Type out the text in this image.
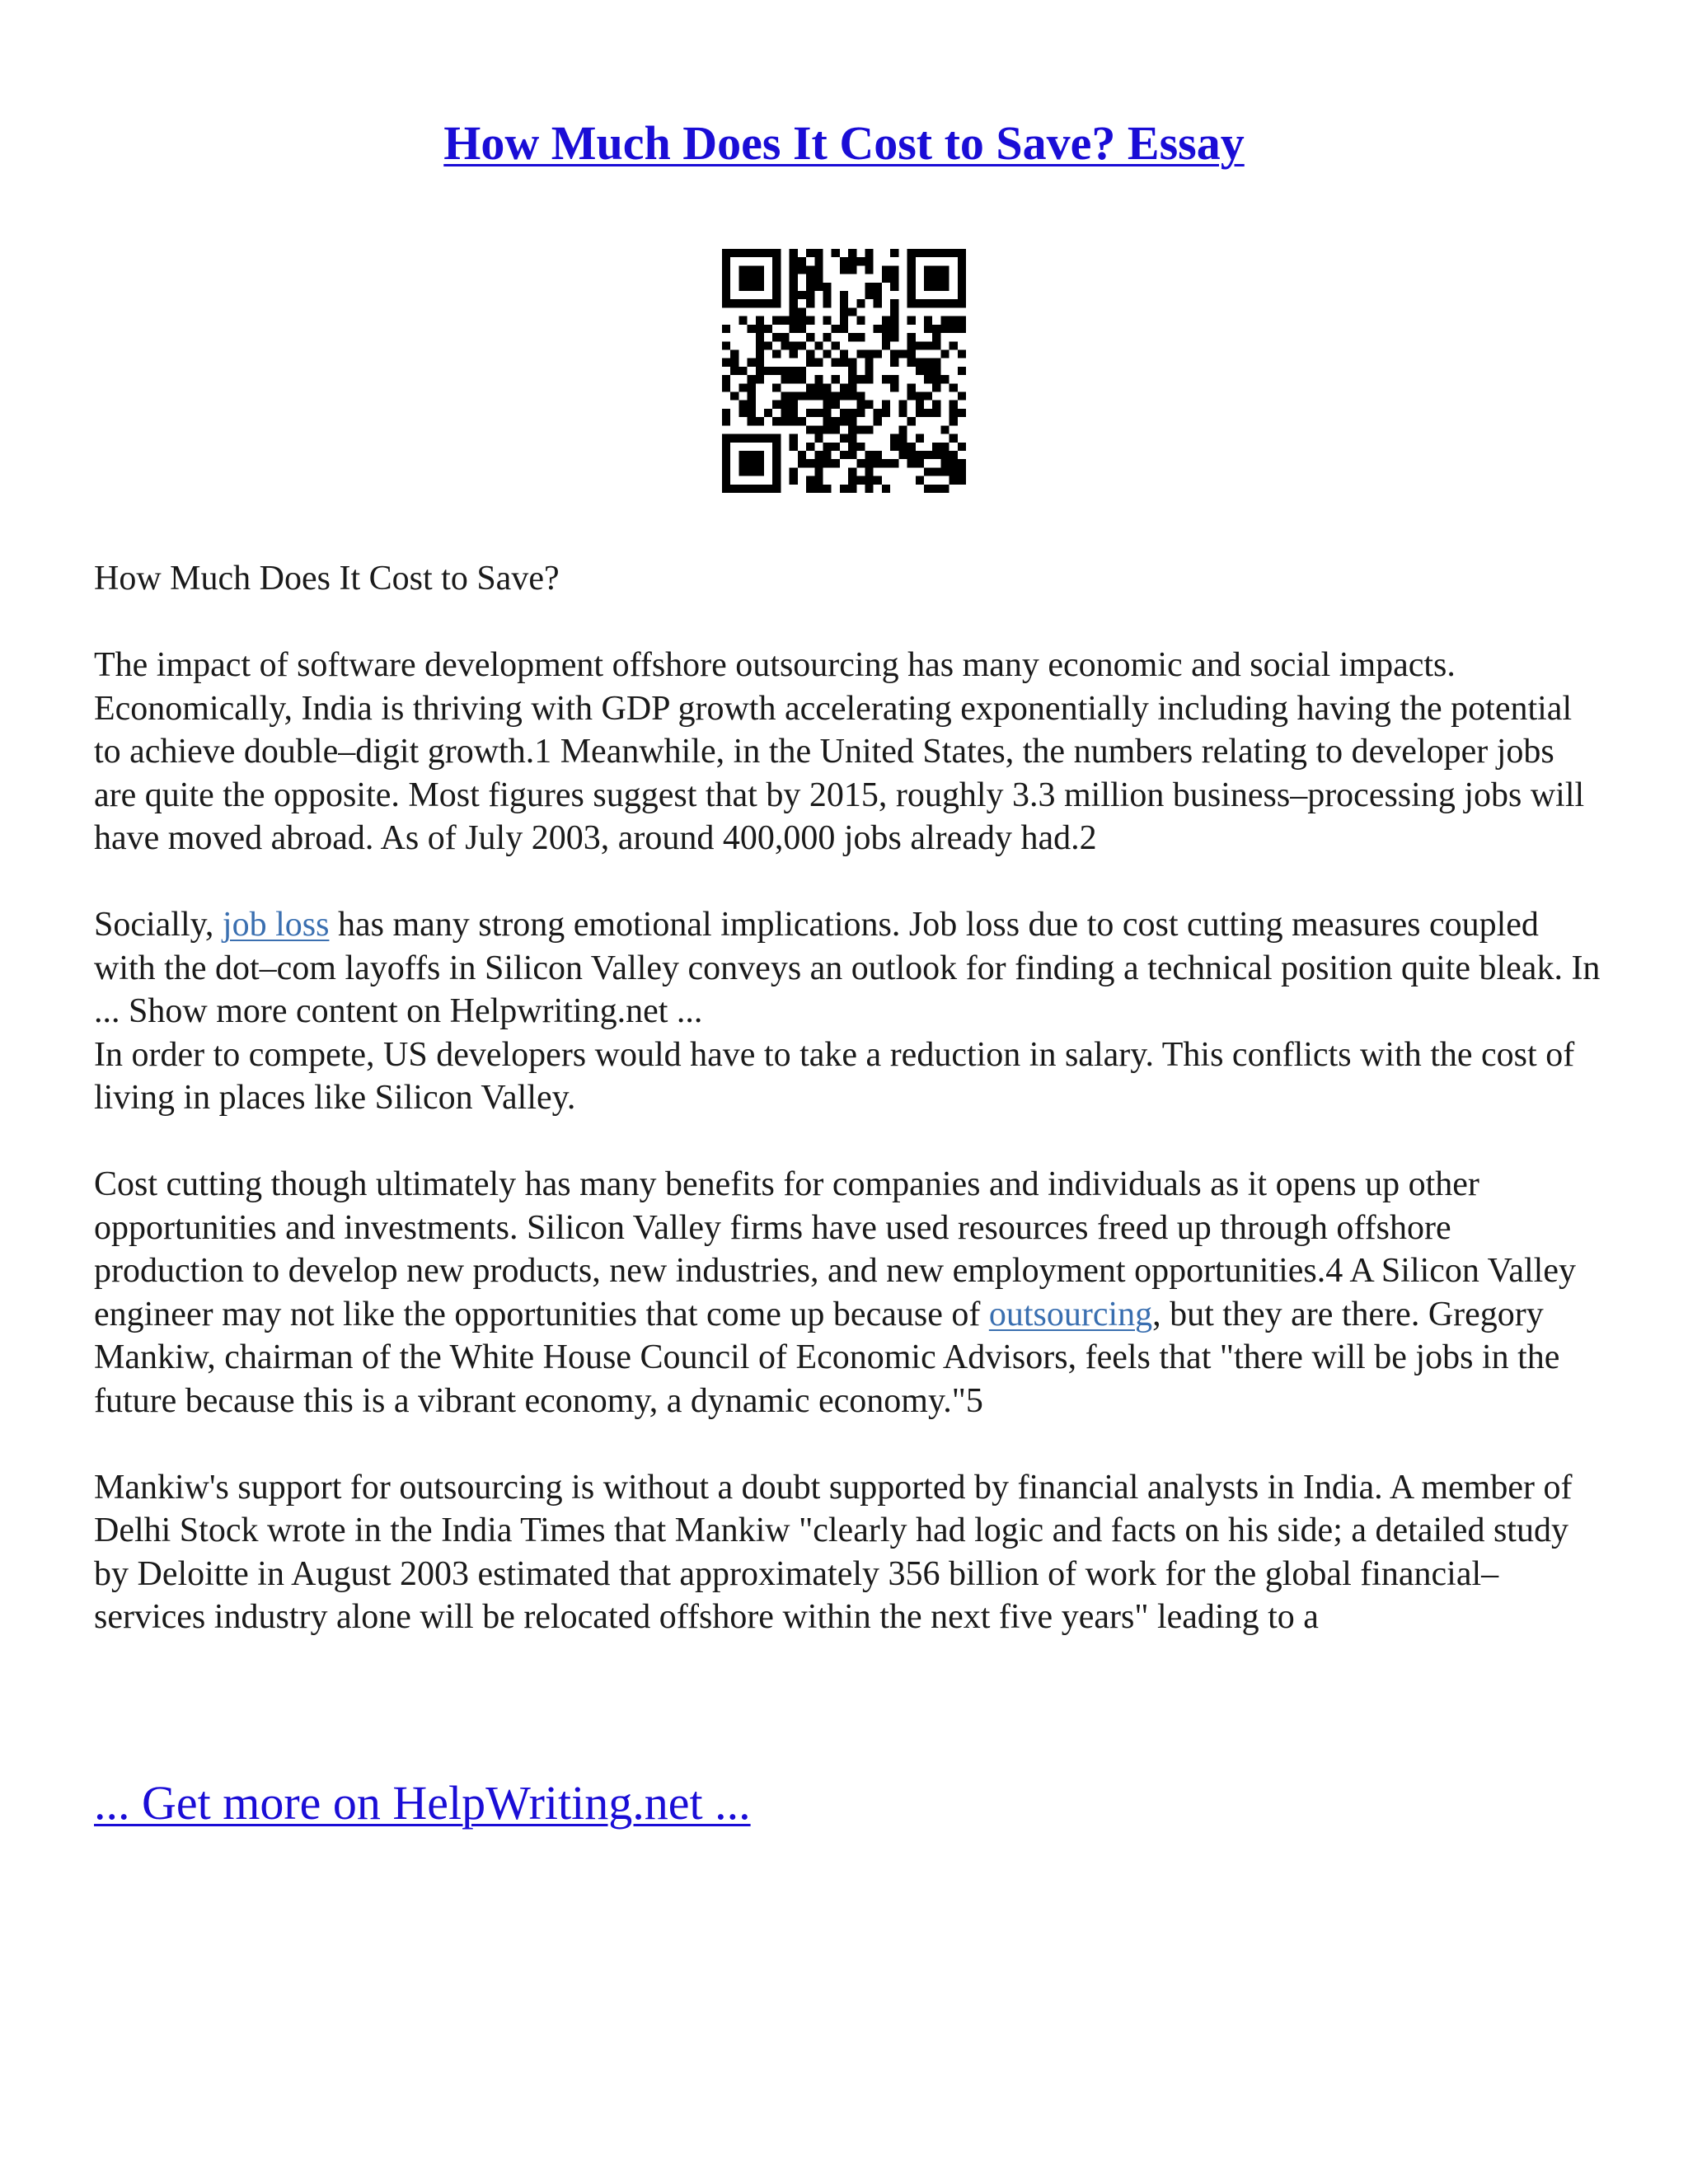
How Much Does It Cost to Save? Essay

How Much Does It Cost to Save?

The impact of software development offshore outsourcing has many economic and social impacts. Economically, India is thriving with GDP growth accelerating exponentially including having the potential to achieve double–digit growth.1 Meanwhile, in the United States, the numbers relating to developer jobs are quite the opposite. Most figures suggest that by 2015, roughly 3.3 million business–processing jobs will have moved abroad. As of July 2003, around 400,000 jobs already had.2

Socially, job loss has many strong emotional implications. Job loss due to cost cutting measures coupled with the dot–com layoffs in Silicon Valley conveys an outlook for finding a technical position quite bleak. In ... Show more content on Helpwriting.net ...

In order to compete, US developers would have to take a reduction in salary. This conflicts with the cost of living in places like Silicon Valley.

Cost cutting though ultimately has many benefits for companies and individuals as it opens up other opportunities and investments. Silicon Valley firms have used resources freed up through offshore production to develop new products, new industries, and new employment opportunities.4 A Silicon Valley engineer may not like the opportunities that come up because of outsourcing, but they are there. Gregory Mankiw, chairman of the White House Council of Economic Advisors, feels that "there will be jobs in the future because this is a vibrant economy, a dynamic economy."5

Mankiw's support for outsourcing is without a doubt supported by financial analysts in India. A member of Delhi Stock wrote in the India Times that Mankiw "clearly had logic and facts on his side; a detailed study by Deloitte in August 2003 estimated that approximately 356 billion of work for the global financial–services industry alone will be relocated offshore within the next five years" leading to a

... Get more on HelpWriting.net ...
